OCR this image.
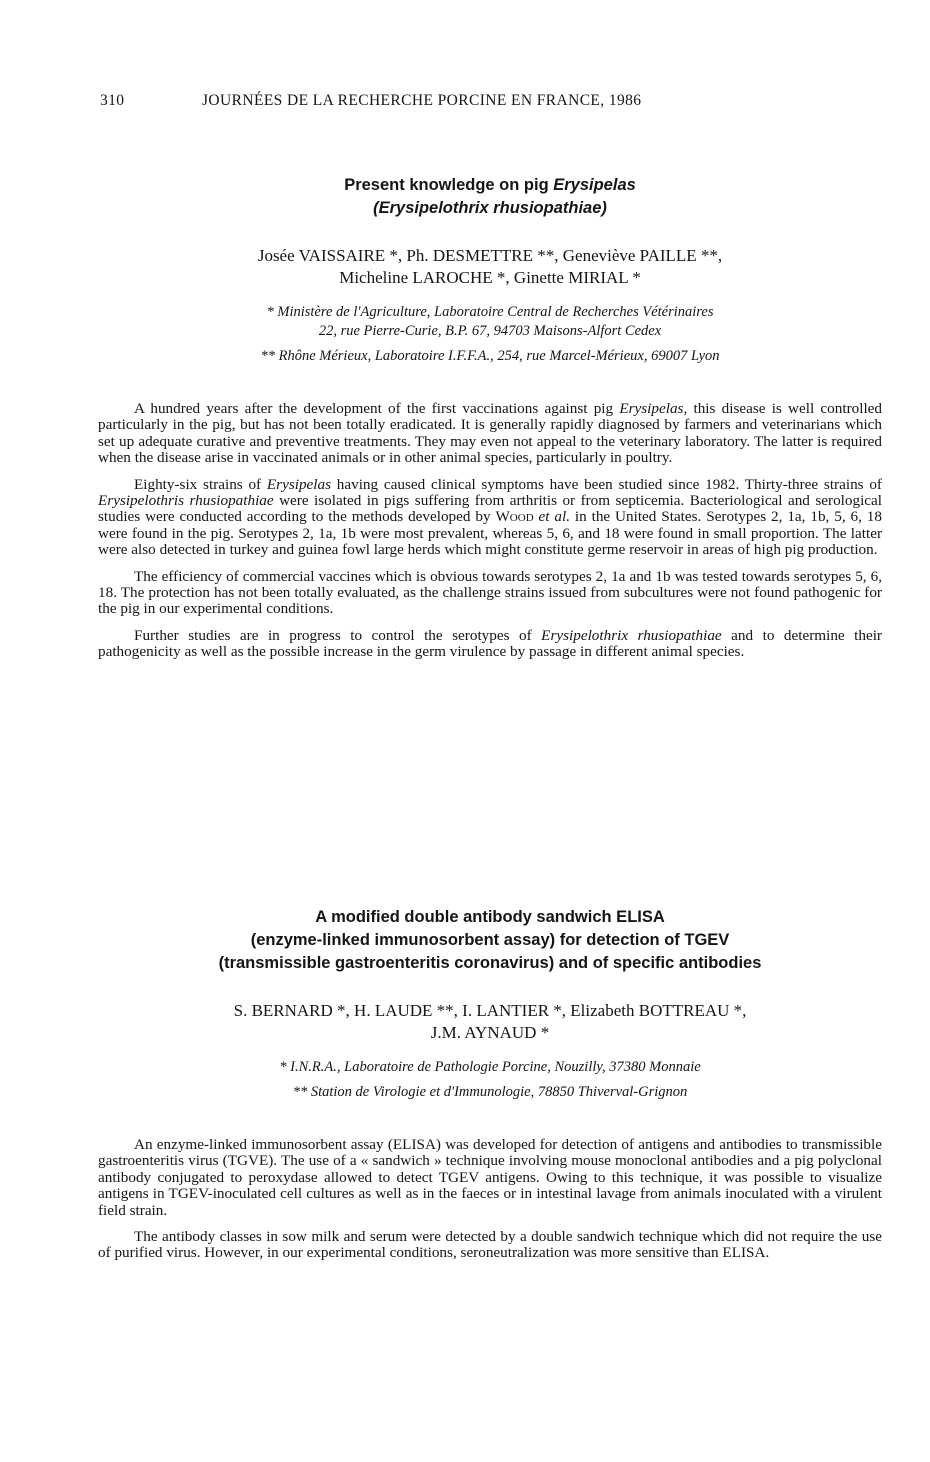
310	JOURNÉES DE LA RECHERCHE PORCINE EN FRANCE, 1986
Present knowledge on pig Erysipelas
(Erysipelothrix rhusiopathiae)
Josée VAISSAIRE *, Ph. DESMETTRE **, Geneviève PAILLE **,
Micheline LAROCHE *, Ginette MIRIAL *

* Ministère de l'Agriculture, Laboratoire Central de Recherches Vétérinaires
22, rue Pierre-Curie, B.P. 67, 94703 Maisons-Alfort Cedex

** Rhône Mérieux, Laboratoire I.F.F.A., 254, rue Marcel-Mérieux, 69007 Lyon

A hundred years after the development of the first vaccinations against pig Erysipelas, this disease is well controlled particularly in the pig, but has not been totally eradicated. It is generally rapidly diagnosed by farmers and veterinarians which set up adequate curative and preventive treatments. They may even not appeal to the veterinary laboratory. The latter is required when the disease arise in vaccinated animals or in other animal species, particularly in poultry.

Eighty-six strains of Erysipelas having caused clinical symptoms have been studied since 1982. Thirty-three strains of Erysipelothris rhusiopathiae were isolated in pigs suffering from arthritis or from septicemia. Bacteriological and serological studies were conducted according to the methods developed by Wood et al. in the United States. Serotypes 2, 1a, 1b, 5, 6, 18 were found in the pig. Serotypes 2, 1a, 1b were most prevalent, whereas 5, 6, and 18 were found in small proportion. The latter were also detected in turkey and guinea fowl large herds which might constitute germe reservoir in areas of high pig production.

The efficiency of commercial vaccines which is obvious towards serotypes 2, 1a and 1b was tested towards serotypes 5, 6, 18. The protection has not been totally evaluated, as the challenge strains issued from subcultures were not found pathogenic for the pig in our experimental conditions.

Further studies are in progress to control the serotypes of Erysipelothrix rhusiopathiae and to determine their pathogenicity as well as the possible increase in the germ virulence by passage in different animal species.

A modified double antibody sandwich ELISA
(enzyme-linked immunosorbent assay) for detection of TGEV
(transmissible gastroenteritis coronavirus) and of specific antibodies
S. BERNARD *, H. LAUDE **, I. LANTIER *, Elizabeth BOTTREAU *,
J.M. AYNAUD *

* I.N.R.A., Laboratoire de Pathologie Porcine, Nouzilly, 37380 Monnaie

** Station de Virologie et d'Immunologie, 78850 Thiverval-Grignon

An enzyme-linked immunosorbent assay (ELISA) was developed for detection of antigens and antibodies to transmissible gastroenteritis virus (TGVE). The use of a « sandwich » technique involving mouse monoclonal antibodies and a pig polyclonal antibody conjugated to peroxydase allowed to detect TGEV antigens. Owing to this technique, it was possible to visualize antigens in TGEV-inoculated cell cultures as well as in the faeces or in intestinal lavage from animals inoculated with a virulent field strain.

The antibody classes in sow milk and serum were detected by a double sandwich technique which did not require the use of purified virus. However, in our experimental conditions, seroneutralization was more sensitive than ELISA.
